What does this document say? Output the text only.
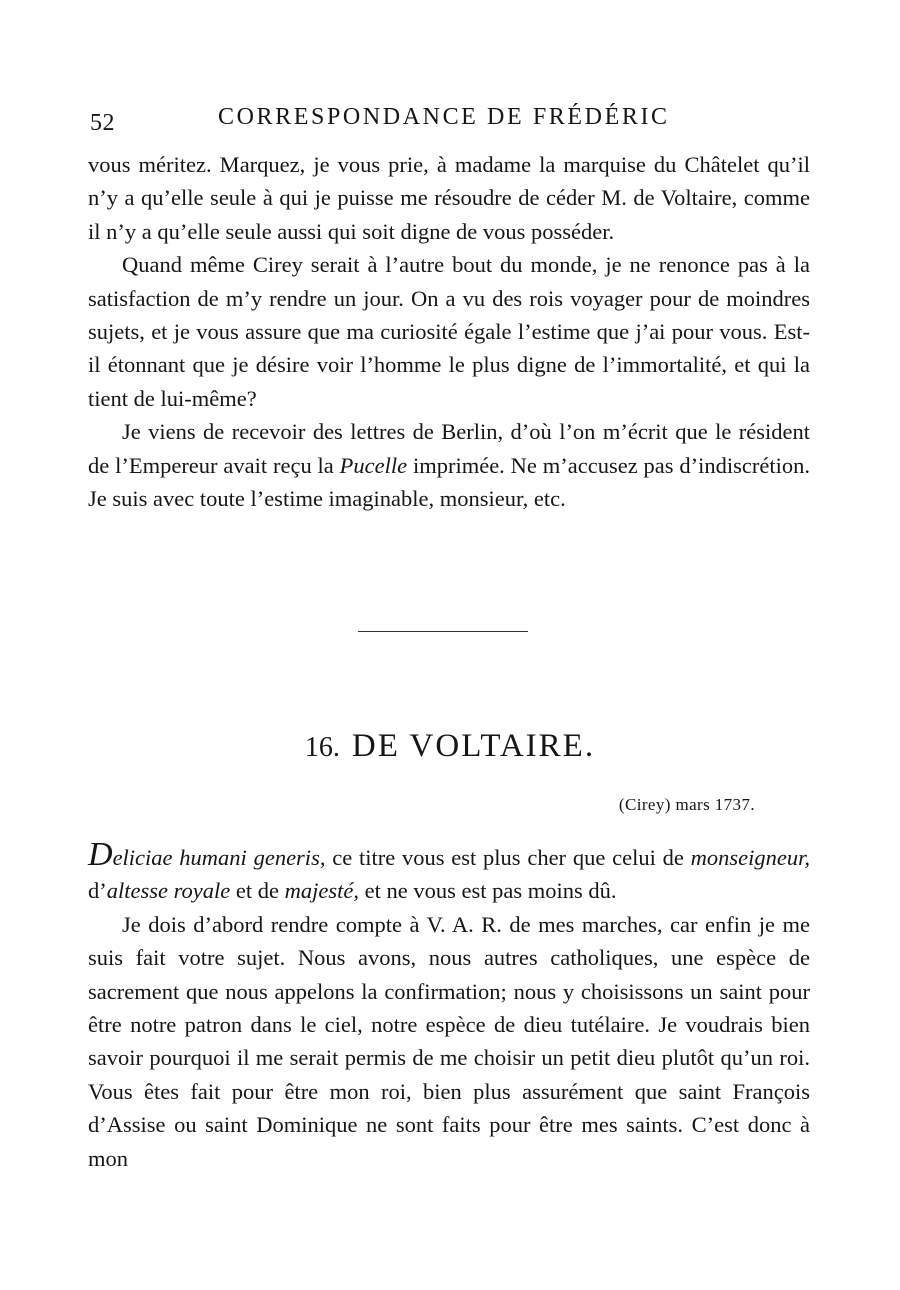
52	CORRESPONDANCE DE FRÉDÉRIC

vous méritez. Marquez, je vous prie, à madame la marquise du Châtelet qu’il n’y a qu’elle seule à qui je puisse me résoudre de céder M. de Voltaire, comme il n’y a qu’elle seule aussi qui soit digne de vous posséder.

Quand même Cirey serait à l’autre bout du monde, je ne renonce pas à la satisfaction de m’y rendre un jour. On a vu des rois voyager pour de moindres sujets, et je vous assure que ma curiosité égale l’estime que j’ai pour vous. Est-il étonnant que je désire voir l’homme le plus digne de l’immortalité, et qui la tient de lui-même?

Je viens de recevoir des lettres de Berlin, d’où l’on m’écrit que le résident de l’Empereur avait reçu la Pucelle imprimée. Ne m’accusez pas d’indiscrétion. Je suis avec toute l’estime imaginable, monsieur, etc.

16. DE VOLTAIRE.
(Cirey) mars 1737.

Deliciae humani generis, ce titre vous est plus cher que celui de monseigneur, d’altesse royale et de majesté, et ne vous est pas moins dû.

Je dois d’abord rendre compte à V. A. R. de mes marches, car enfin je me suis fait votre sujet. Nous avons, nous autres catholiques, une espèce de sacrement que nous appelons la confirmation; nous y choisissons un saint pour être notre patron dans le ciel, notre espèce de dieu tutélaire. Je voudrais bien savoir pourquoi il me serait permis de me choisir un petit dieu plutôt qu’un roi. Vous êtes fait pour être mon roi, bien plus assurément que saint François d’Assise ou saint Dominique ne sont faits pour être mes saints. C’est donc à mon
